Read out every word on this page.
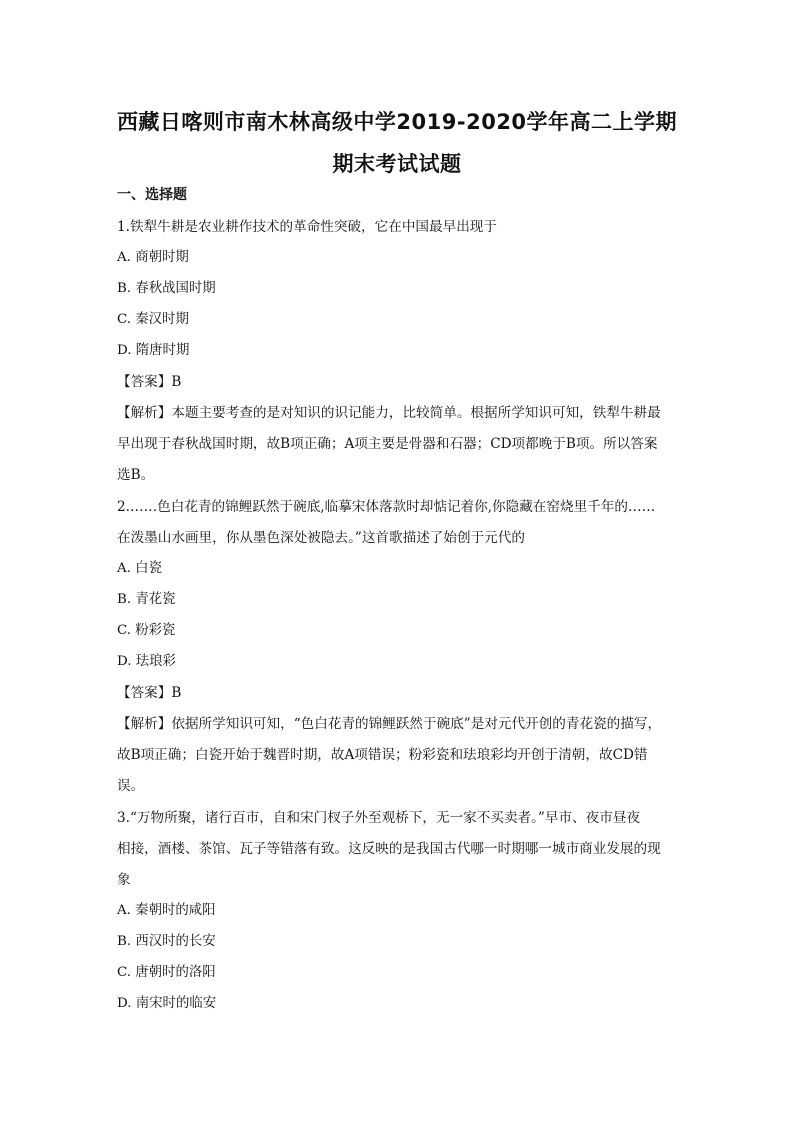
西藏日喀则市南木林高级中学2019-2020学年高二上学期
期末考试试题
一、选择题
1.铁犁牛耕是农业耕作技术的革命性突破，它在中国最早出现于
A. 商朝时期
B. 春秋战国时期
C. 秦汉时期
D. 隋唐时期
【答案】B
【解析】本题主要考查的是对知识的识记能力，比较简单。根据所学知识可知，铁犁牛耕最
早出现于春秋战国时期，故B项正确；A项主要是骨器和石器；CD项都晚于B项。所以答案
选B。
2.……色白花青的锦鲤跃然于碗底,临摹宋体落款时却惦记着你,你隐藏在窑烧里千年的……
在泼墨山水画里，你从墨色深处被隐去。”这首歌描述了始创于元代的
A. 白瓷
B. 青花瓷
C. 粉彩瓷
D. 珐琅彩
【答案】B
【解析】依据所学知识可知，“色白花青的锦鲤跃然于碗底”是对元代开创的青花瓷的描写，
故B项正确；白瓷开始于魏晋时期，故A项错误；粉彩瓷和珐琅彩均开创于清朝，故CD错
误。
3.“万物所聚，诸行百市，自和宋门杈子外至观桥下，无一家不买卖者。”早市、夜市昼夜
相接，酒楼、茶馆、瓦子等错落有致。这反映的是我国古代哪一时期哪一城市商业发展的现
象
A. 秦朝时的咸阳
B. 西汉时的长安
C. 唐朝时的洛阳
D. 南宋时的临安
